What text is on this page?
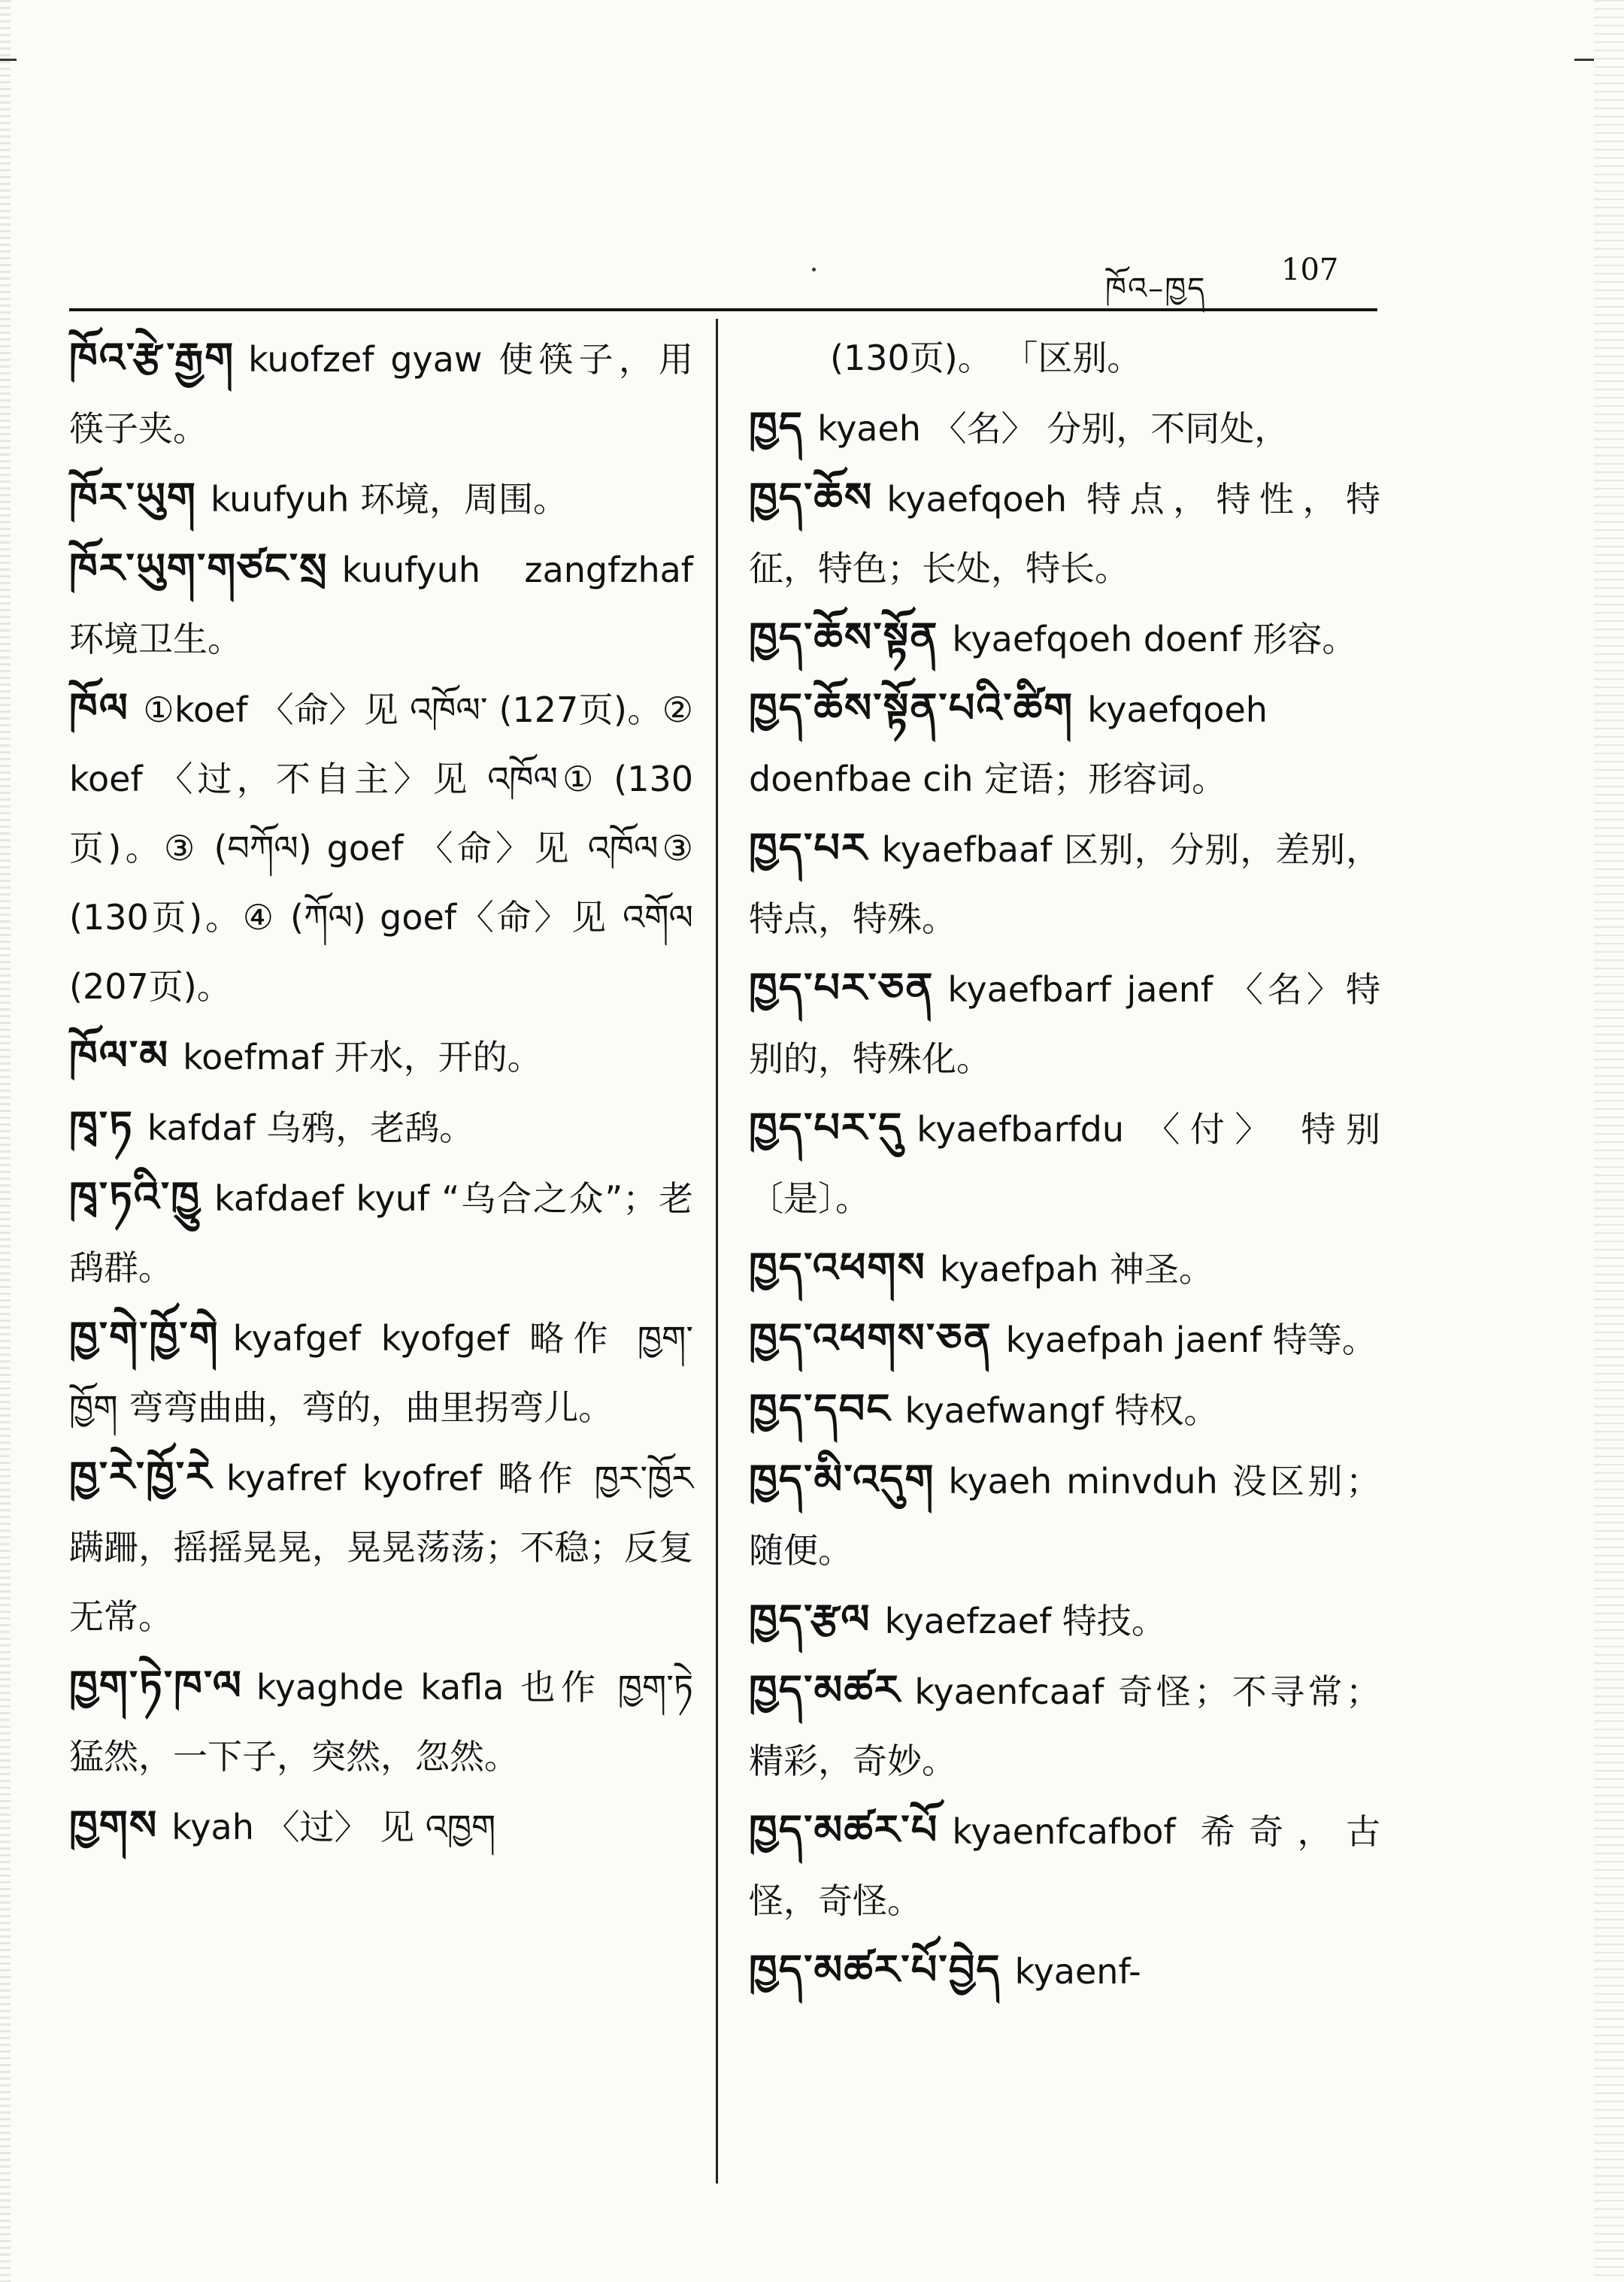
ཁོའ–ཁྱད
107
ཁོའ་རྩེ་རྒྱག kuofzef gyaw 使筷子，用筷子夹。
ཁོར་ཡུག kuufyuh 环境，周围。
ཁོར་ཡུག་གཙང་སྲ kuufyuh zangfzhaf 环境卫生。
ཁོལ ①koef 〈命〉见 འཁོལ་ (127页)。② koef 〈过，不自主〉见 འཁོལ① (130页)。③ (བཀོལ) goef 〈命〉见 འཁོལ③ (130页)。④ (ཀོལ) goef〈命〉见 འགོལ (207页)。
ཁོལ་མ koefmaf 开水，开的。
ཁྭ་ཏ kafdaf 乌鸦，老鸹。
ཁྭ་ཏའི་ཁྱུ kafdaef kyuf “乌合之众”；老鸹群。
ཁྱ་གེ་ཁྱོ་གེ kyafgef kyofgef 略作 ཁྱག་ཁྱོག 弯弯曲曲，弯的，曲里拐弯儿。
ཁྱ་རེ་ཁྱོ་རེ kyafref kyofref 略作 ཁྱར་ཁྱོར 蹒跚，摇摇晃晃，晃晃荡荡；不稳；反复无常。
ཁྱག་ཏེ་ཁ་ལ kyaghde kafla 也作 ཁྱག་ཏེ 猛然，一下子，突然，忽然。
ཁྱགས kyah 〈过〉 见 འཁྱག
(130页)。 「区别。
ཁྱད kyaeh 〈名〉 分别，不同处，
ཁྱད་ཆོས kyaefqoeh 特点，特性，特征，特色；长处，特长。
ཁྱད་ཆོས་སྟོན kyaefqoeh doenf 形容。
ཁྱད་ཆོས་སྟོན་པའི་ཚིག kyaefqoeh doenfbae cih 定语；形容词。
ཁྱད་པར kyaefbaaf 区别，分别，差别，特点，特殊。
ཁྱད་པར་ཅན kyaefbarf jaenf 〈名〉特别的，特殊化。
ཁྱད་པར་དུ kyaefbarfdu 〈付〉 特别〔是〕。
ཁྱད་འཕགས kyaefpah 神圣。
ཁྱད་འཕགས་ཅན kyaefpah jaenf 特等。
ཁྱད་དབང kyaefwangf 特权。
ཁྱད་མི་འདུག kyaeh minvduh 没区别；随便。
ཁྱད་རྩལ kyaefzaef 特技。
ཁྱད་མཚར kyaenfcaaf 奇怪；不寻常；精彩，奇妙。
ཁྱད་མཚར་པོ kyaenfcafbof 希奇，古怪，奇怪。
ཁྱད་མཚར་པོ་བྱེད kyaenf-
